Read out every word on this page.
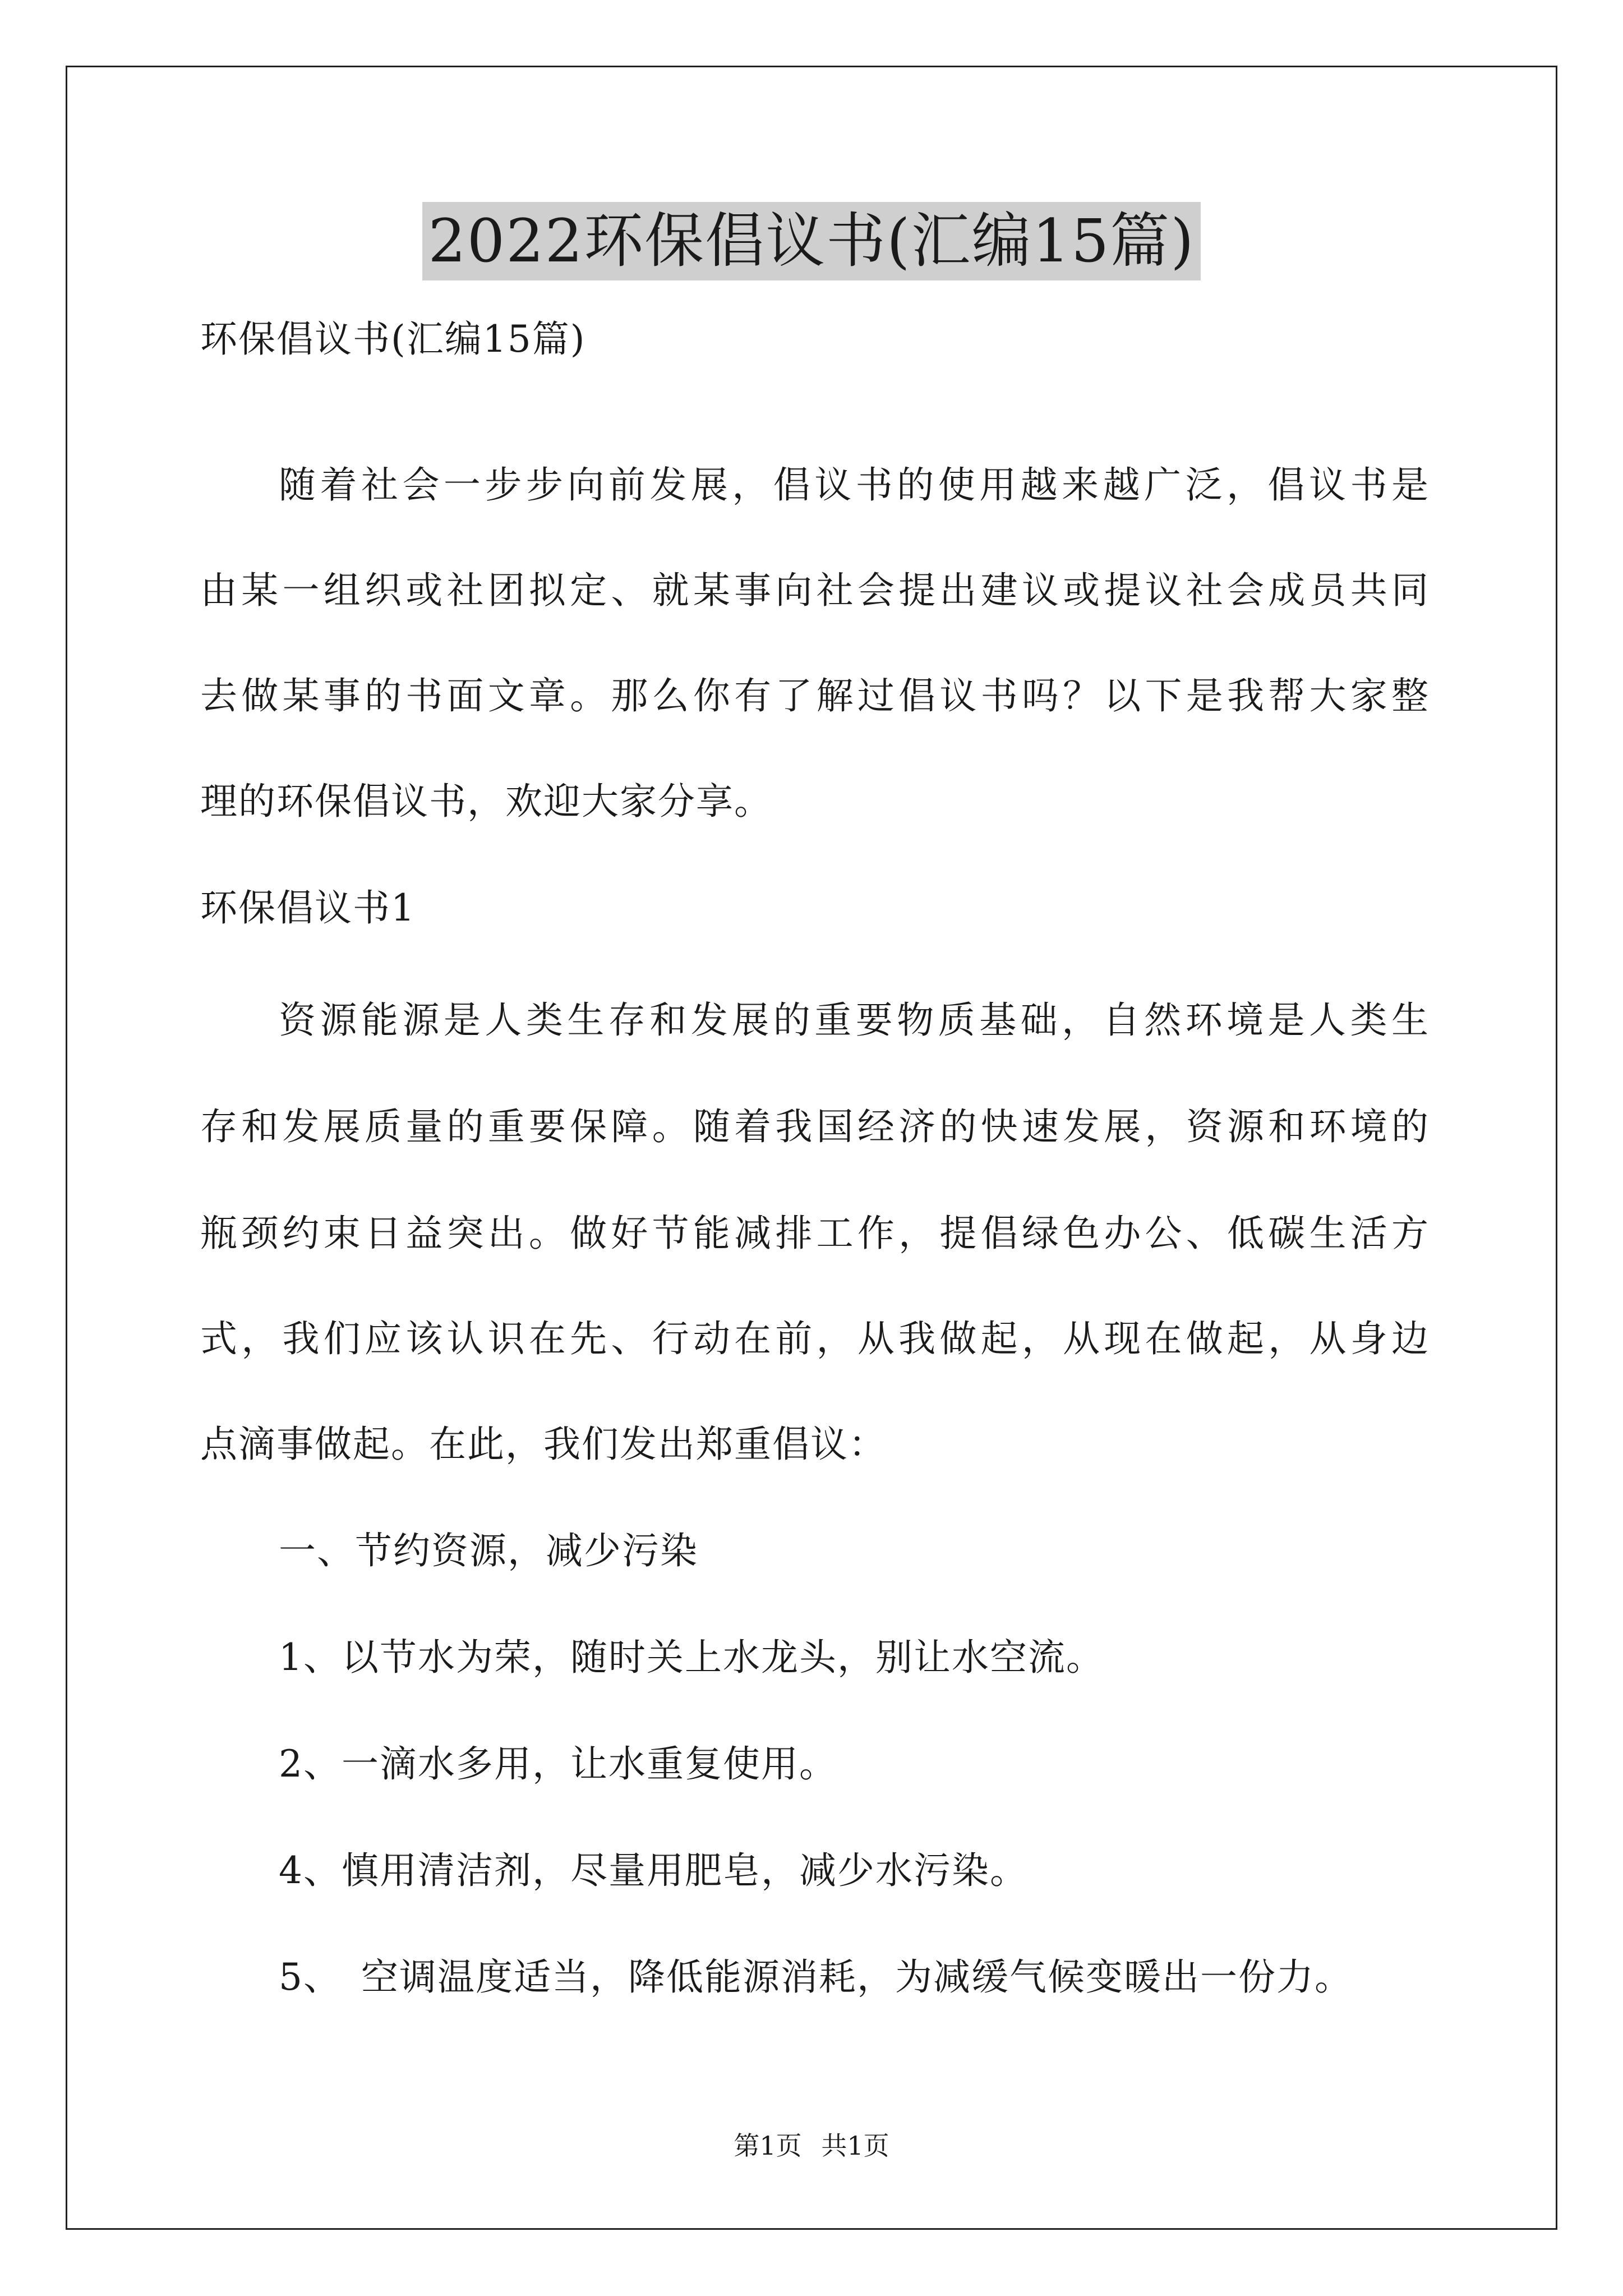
2022环保倡议书(汇编15篇)
环保倡议书(汇编15篇)
随着社会一步步向前发展，倡议书的使用越来越广泛，倡议书是
由某一组织或社团拟定、就某事向社会提出建议或提议社会成员共同
去做某事的书面文章。那么你有了解过倡议书吗？以下是我帮大家整
理的环保倡议书，欢迎大家分享。
环保倡议书1
资源能源是人类生存和发展的重要物质基础，自然环境是人类生
存和发展质量的重要保障。随着我国经济的快速发展，资源和环境的
瓶颈约束日益突出。做好节能减排工作，提倡绿色办公、低碳生活方
式，我们应该认识在先、行动在前，从我做起，从现在做起，从身边
点滴事做起。在此，我们发出郑重倡议：
一、节约资源，减少污染
1、以节水为荣，随时关上水龙头，别让水空流。
2、一滴水多用，让水重复使用。
4、慎用清洁剂，尽量用肥皂，减少水污染。
5、　空调温度适当，降低能源消耗，为减缓气候变暖出一份力。
第1页 共1页
